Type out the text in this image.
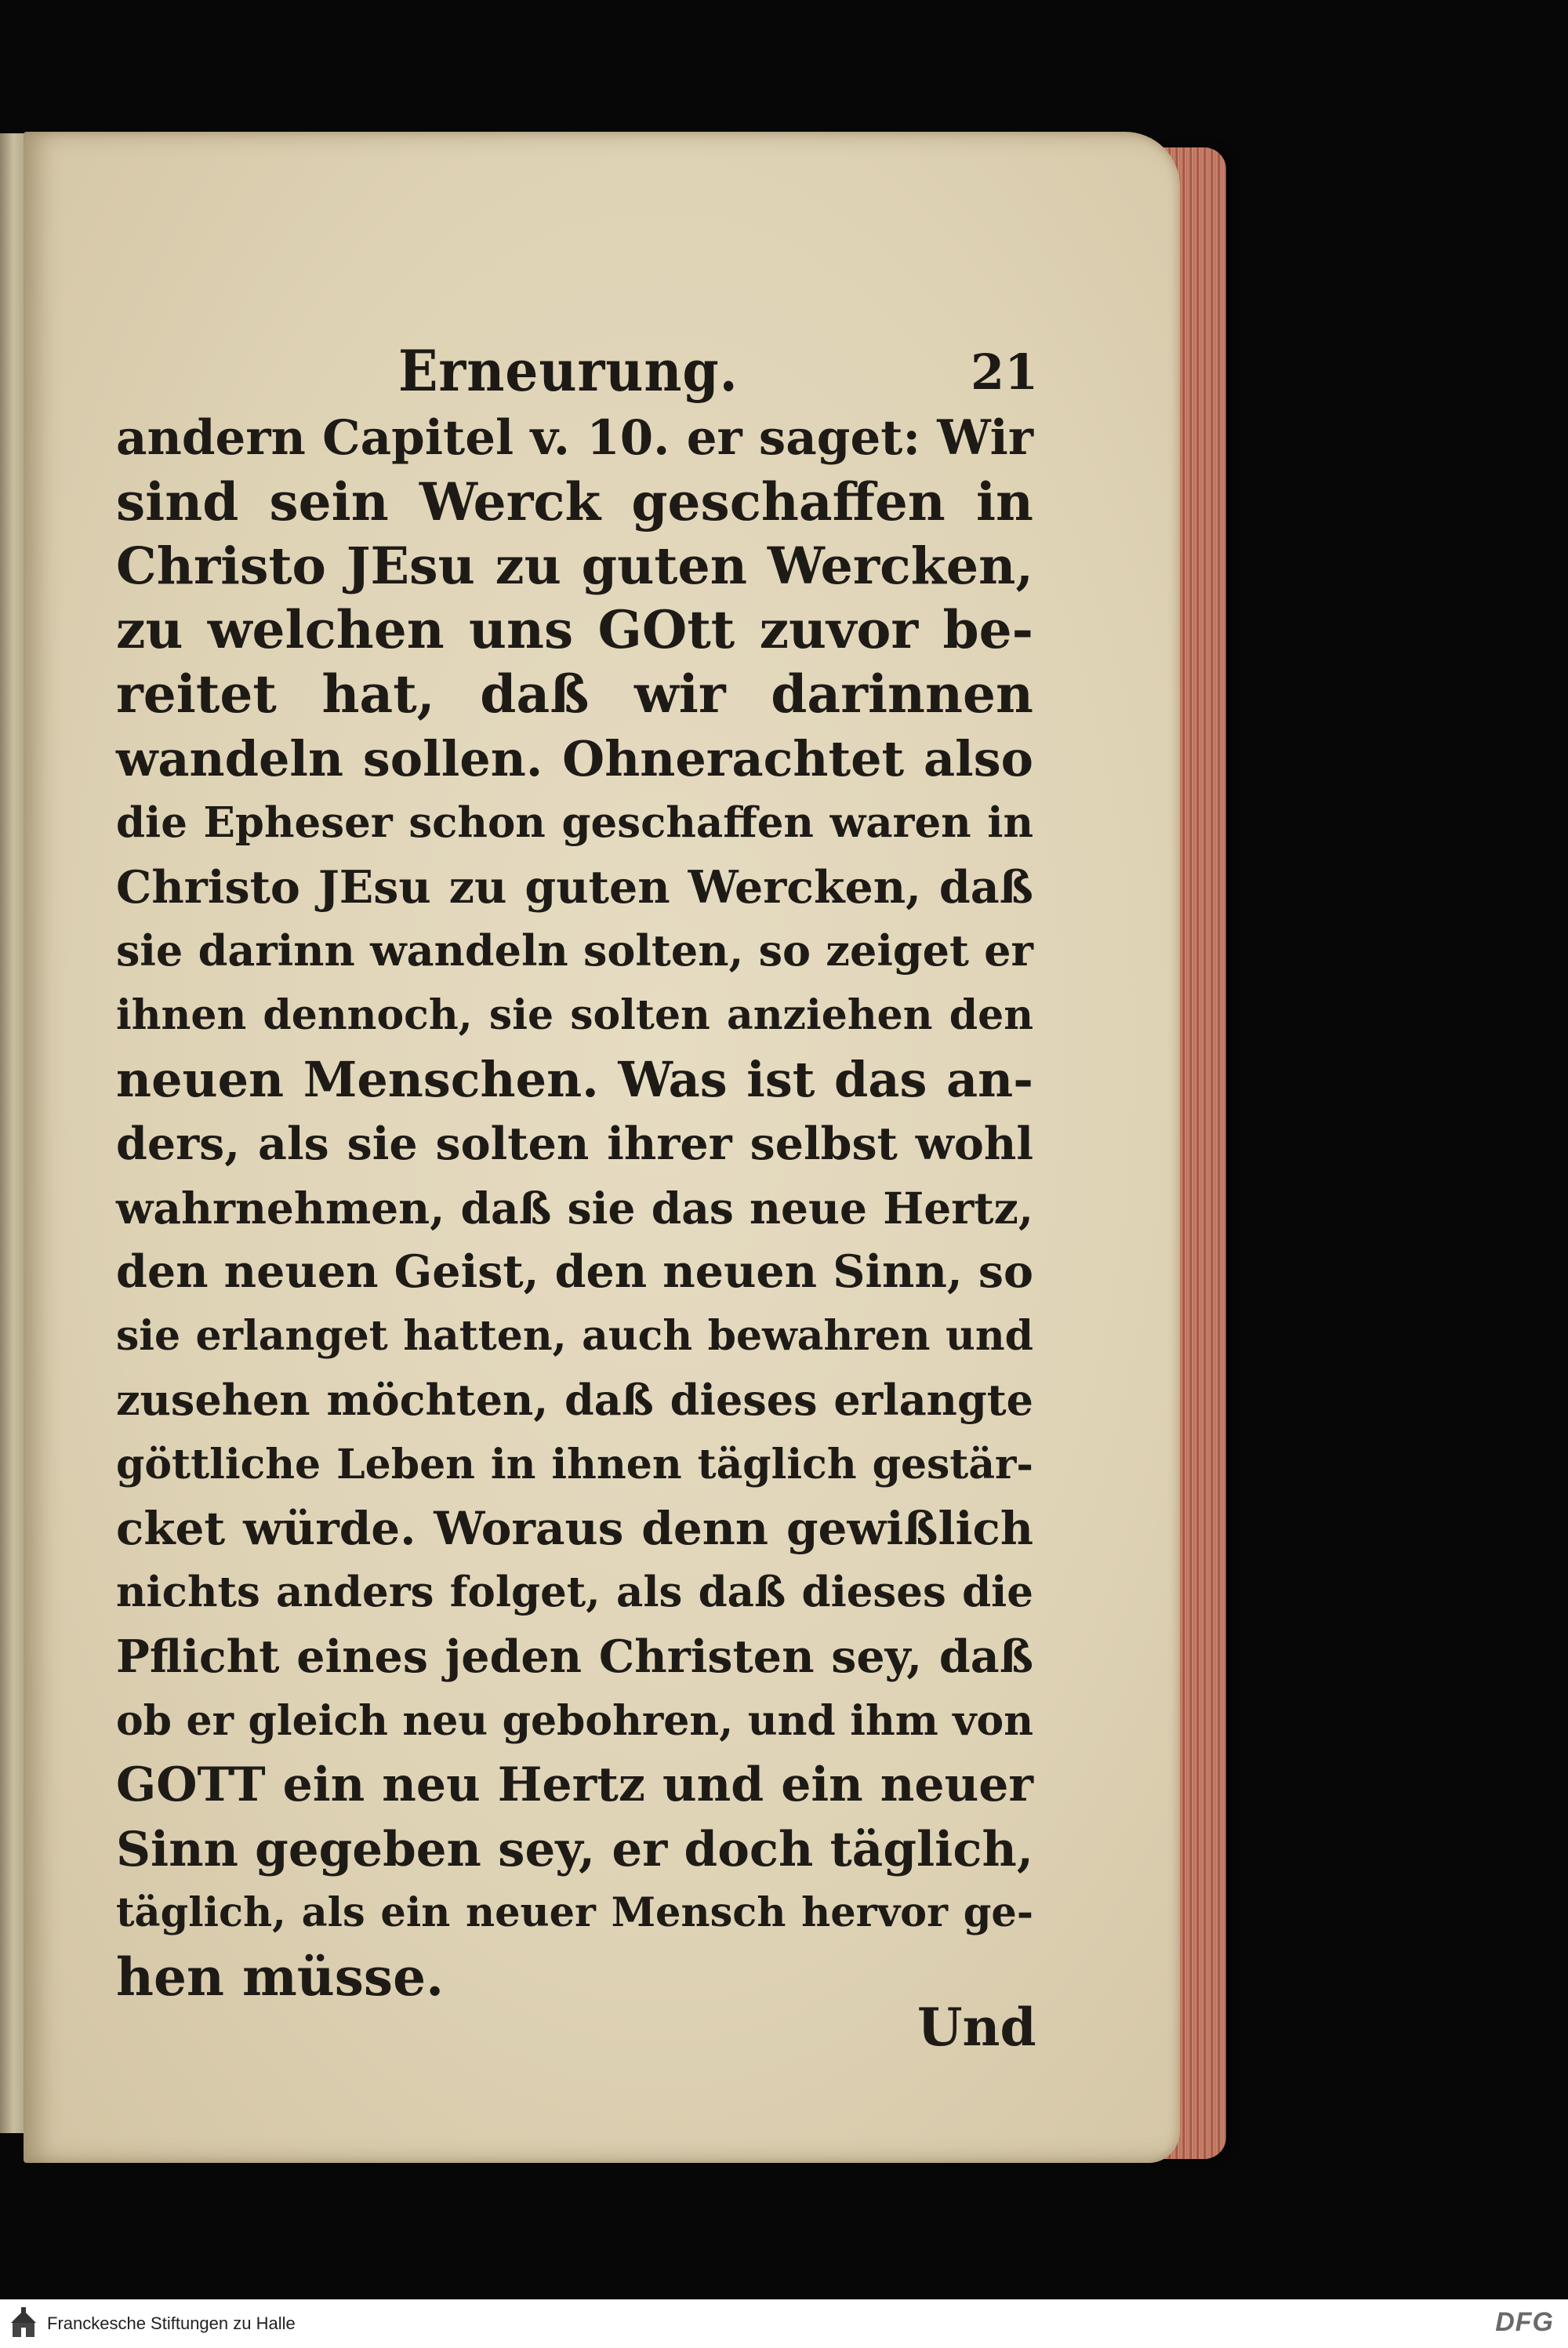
Erneurung.	21
andern Capitel v. 10. er saget: Wir
sind sein Werck geschaffen in
Christo JEsu zu guten Wercken,
zu welchen uns GOtt zuvor be-
reitet hat, daß wir darinnen
wandeln sollen. Ohnerachtet also
die Epheser schon geschaffen waren in
Christo JEsu zu guten Wercken, daß
sie darinn wandeln solten, so zeiget er
ihnen dennoch, sie solten anziehen den
neuen Menschen. Was ist das an-
ders, als sie solten ihrer selbst wohl
wahrnehmen, daß sie das neue Hertz,
den neuen Geist, den neuen Sinn, so
sie erlanget hatten, auch bewahren und
zusehen möchten, daß dieses erlangte
göttliche Leben in ihnen täglich gestär-
cket würde. Woraus denn gewißlich
nichts anders folget, als daß dieses die
Pflicht eines jeden Christen sey, daß
ob er gleich neu gebohren, und ihm von
GOTT ein neu Hertz und ein neuer
Sinn gegeben sey, er doch täglich,
täglich, als ein neuer Mensch hervor ge-
hen müsse.
Und
Franckesche Stiftungen zu Halle	DFG
